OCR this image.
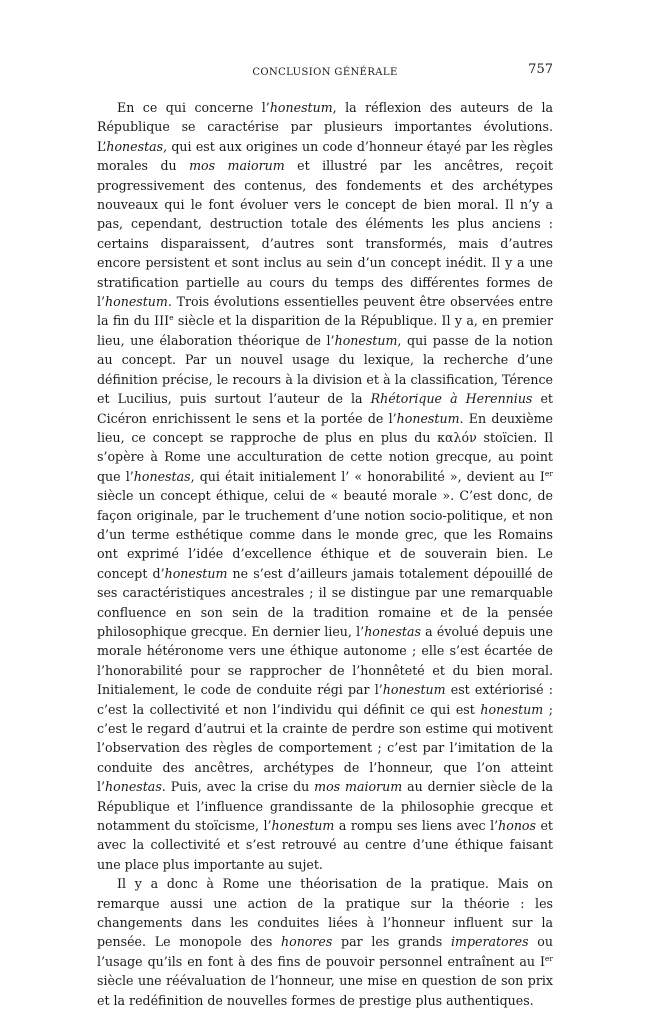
CONCLUSION GÉNÉRALE	757

En ce qui concerne l’honestum, la réflexion des auteurs de la République se caractérise par plusieurs importantes évolutions. L’honestas, qui est aux origines un code d’honneur étayé par les règles morales du mos maiorum et illustré par les ancêtres, reçoit progressivement des contenus, des fondements et des archétypes nouveaux qui le font évoluer vers le concept de bien moral. Il n’y a pas, cependant, destruction totale des éléments les plus anciens : certains disparaissent, d’autres sont transformés, mais d’autres encore persistent et sont inclus au sein d’un concept inédit. Il y a une stratification partielle au cours du temps des différentes formes de l’honestum. Trois évolutions essentielles peuvent être observées entre la fin du IIIe siècle et la disparition de la République. Il y a, en premier lieu, une élaboration théorique de l’honestum, qui passe de la notion au concept. Par un nouvel usage du lexique, la recherche d’une définition précise, le recours à la division et à la classification, Térence et Lucilius, puis surtout l’auteur de la Rhétorique à Herennius et Cicéron enrichissent le sens et la portée de l’honestum. En deuxième lieu, ce concept se rapproche de plus en plus du καλόν stoïcien. Il s’opère à Rome une acculturation de cette notion grecque, au point que l’honestas, qui était initialement l’ « honorabilité », devient au Ier siècle un concept éthique, celui de « beauté morale ». C’est donc, de façon originale, par le truchement d’une notion socio-politique, et non d’un terme esthétique comme dans le monde grec, que les Romains ont exprimé l’idée d’excellence éthique et de souverain bien. Le concept d’honestum ne s’est d’ailleurs jamais totalement dépouillé de ses caractéristiques ancestrales ; il se distingue par une remarquable confluence en son sein de la tradition romaine et de la pensée philosophique grecque. En dernier lieu, l’honestas a évolué depuis une morale hétéronome vers une éthique autonome ; elle s’est écartée de l’honorabilité pour se rapprocher de l’honnêteté et du bien moral. Initialement, le code de conduite régi par l’honestum est extériorisé : c’est la collectivité et non l’individu qui définit ce qui est honestum ; c’est le regard d’autrui et la crainte de perdre son estime qui motivent l’observation des règles de comportement ; c’est par l’imitation de la conduite des ancêtres, archétypes de l’honneur, que l’on atteint l’honestas. Puis, avec la crise du mos maiorum au dernier siècle de la République et l’influence grandissante de la philosophie grecque et notamment du stoïcisme, l’honestum a rompu ses liens avec l’honos et avec la collectivité et s’est retrouvé au centre d’une éthique faisant une place plus importante au sujet.

Il y a donc à Rome une théorisation de la pratique. Mais on remarque aussi une action de la pratique sur la théorie : les changements dans les conduites liées à l’honneur influent sur la pensée. Le monopole des honores par les grands imperatores ou l’usage qu’ils en font à des fins de pouvoir personnel entraînent au Ier siècle une réévaluation de l’honneur, une mise en question de son prix et la redéfinition de nouvelles formes de prestige plus authentiques.
